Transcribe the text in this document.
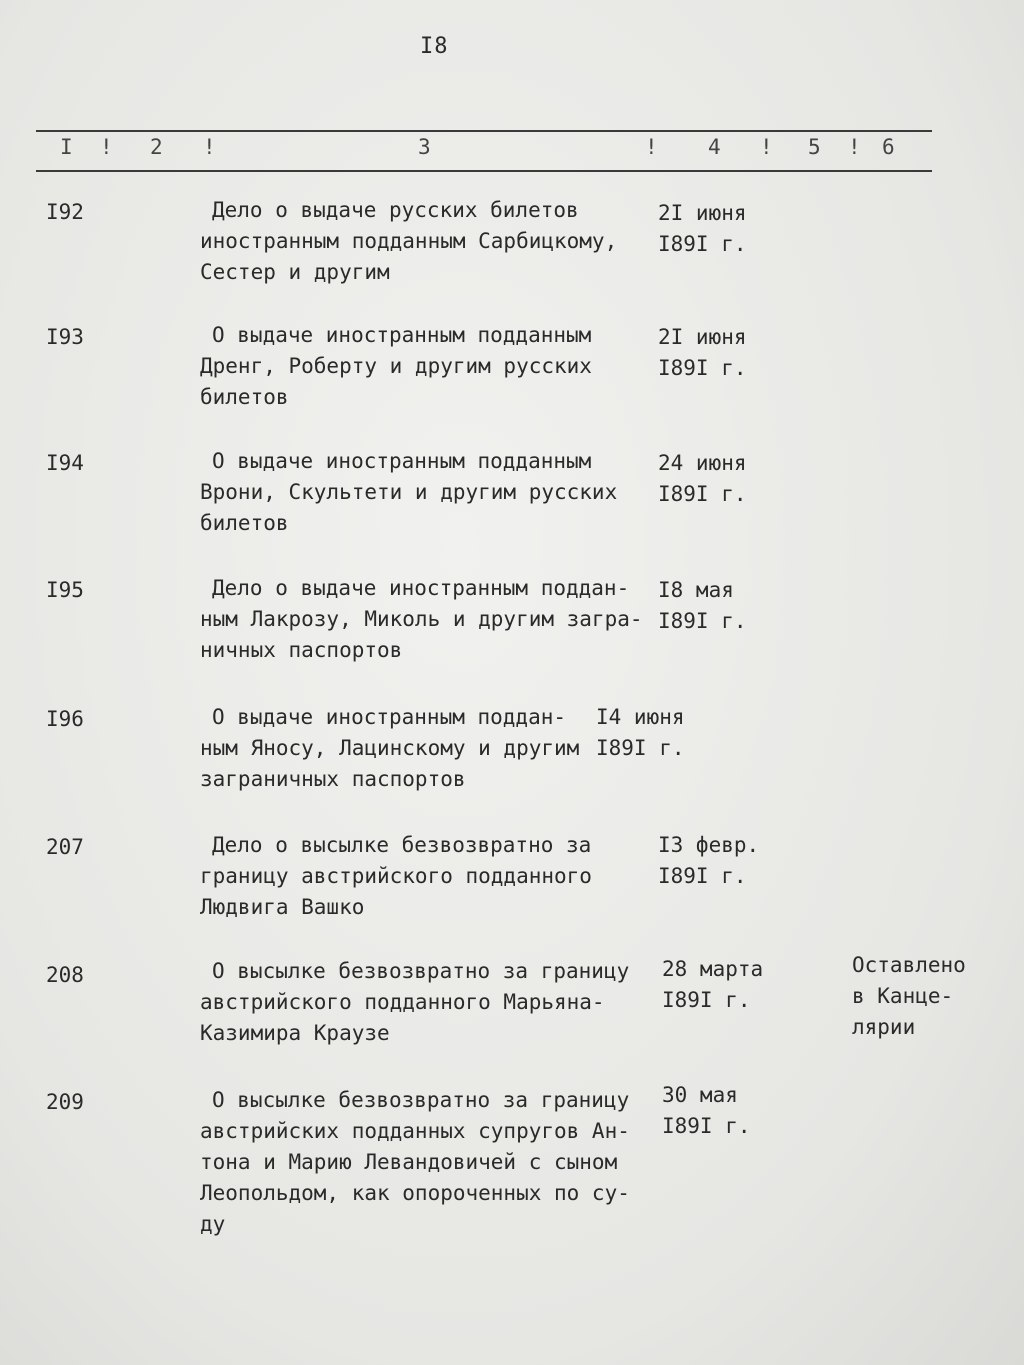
I8
I ! 2 !	3	! 4 ! 5 ! 6
I92	Дело о выдаче русских билетов
иностранным подданным Сарбицкому,
Сестер и другим
2I июня
I89I г.
I93	О выдаче иностранным подданным
Дренг, Роберту и другим русских
билетов
2I июня
I89I г.
I94	О выдаче иностранным подданным
Врони, Скультети и другим русских
билетов
24 июня
I89I г.
I95	Дело о выдаче иностранным поддан-
ным Лакрозу, Миколь и другим загра-
ничных паспортов
I8 мая
I89I г.
I96	О выдаче иностранным поддан-
ным Яносу, Лацинскому и другим
заграничных паспортов
I4 июня
I89I г.
207	Дело о высылке безвозвратно за
границу австрийского подданного
Людвига Вашко
I3 февр.
I89I г.
208	О высылке безвозвратно за границу
австрийского подданного Марьяна-
Казимира Краузе
28 марта
I89I г.
Оставлено
в Канце-
лярии
209	О высылке безвозвратно за границу
австрийских подданных супругов Ан-
тона и Марию Левандовичей с сыном
Леопольдом, как опороченных по су-
ду
30 мая
I89I г.
